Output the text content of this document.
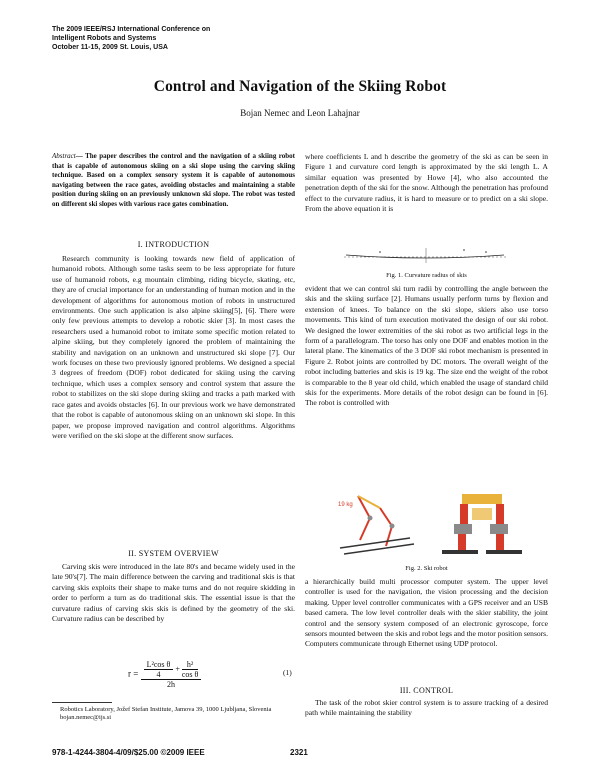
The 2009 IEEE/RSJ International Conference on
Intelligent Robots and Systems
October 11-15, 2009 St. Louis, USA
Control and Navigation of the Skiing Robot
Bojan Nemec and Leon Lahajnar
Abstract— The paper describes the control and the navigation of a skiing robot that is capable of autonomous skiing on a ski slope using the carving skiing technique. Based on a complex sensory system it is capable of autonomous navigating between the race gates, avoiding obstacles and maintaining a stable position during skiing on an previously unknown ski slope. The robot was tested on different ski slopes with various race gates combination.
I. INTRODUCTION

Research community is looking towards new field of application of humanoid robots. Although some tasks seem to be less appropriate for future use of humanoid robots, e.g mountain climbing, riding bicycle, skating, etc, they are of crucial importance for an understanding of human motion and in the development of algorithms for autonomous motion of robots in unstructured environments. One such application is also alpine skiing[5], [6]. There were only few previous attempts to develop a robotic skier [3]. In most cases the researchers used a humanoid robot to imitate some specific motion related to alpine skiing, but they completely ignored the problem of maintaining the stability and navigation on an unknown and unstructured ski slope [7]. Our work focuses on these two previously ignored problems. We designed a special 3 degrees of freedom (DOF) robot dedicated for skiing using the carving technique, which uses a complex sensory and control system that assure the robot to stabilizes on the ski slope during skiing and tracks a path marked with race gates and avoids obstacles [6]. In our previous work we have demonstrated that the robot is capable of autonomous skiing on an unknown ski slope. In this paper, we propose improved navigation and control algorithms. Algorithms were verified on the ski slope at the different snow surfaces.

II. SYSTEM OVERVIEW

Carving skis were introduced in the late 80's and became widely used in the late 90's[7]. The main difference between the carving and traditional skis is that carving skis exploits their shape to make turns and do not require skidding in order to perform a turn as do traditional skis. The essential issue is that the curvature radius of carving skis skis is defined by the geometry of the ski. Curvature radius can be described by

$r = \frac{\frac{\text{L²cos θ}}{4} + \frac{\text{h²}}{\text{cos θ}}}{2h}$	(1)
Robotics Laboratory, Jožef Stefan Institute, Jamova 39, 1000 Ljubljana, Slovenia
bojan.nemec@ijs.si

where coefficients L and h describe the geometry of the ski as can be seen in Figure 1 and curvature cord length is approximated by the ski length L. A similar equation was presented by Howe [4], who also accounted the penetration depth of the ski for the snow. Although the penetration has profound effect to the curvature radius, it is hard to measure or to predict on a ski slope. From the above equation it is

Fig. 1. Curvature radius of skis

evident that we can control ski turn radii by controlling the angle between the skis and the skiing surface [2]. Humans usually perform turns by flexion and extension of knees. To balance on the ski slope, skiers also use torso movements. This kind of turn execution motivated the design of our ski robot. We designed the lower extremities of the ski robot as two artificial legs in the form of a parallelogram. The torso has only one DOF and enables motion in the lateral plane. The kinematics of the 3 DOF ski robot mechanism is presented in Figure 2. Robot joints are controlled by DC motors. The overall weight of the robot including batteries and skis is 19 kg. The size end the weight of the robot is comparable to the 8 year old child, which enabled the usage of standard child skis for the experiments. More details of the robot design can be found in [6]. The robot is controlled with

19 kg
Fig. 2. Ski robot

a hierarchically build multi processor computer system. The upper level controller is used for the navigation, the vision processing and the decision making. Upper level controller communicates with a GPS receiver and an USB based camera. The low level controller deals with the skier stability, the joint control and the sensory system composed of an electronic gyroscope, force sensors mounted between the skis and robot legs and the motor position sensors. Computers communicate through Ethernet using UDP protocol.

III. CONTROL

The task of the robot skier control system is to assure tracking of a desired path while maintaining the stability

978-1-4244-3804-4/09/$25.00 ©2009 IEEE	2321
